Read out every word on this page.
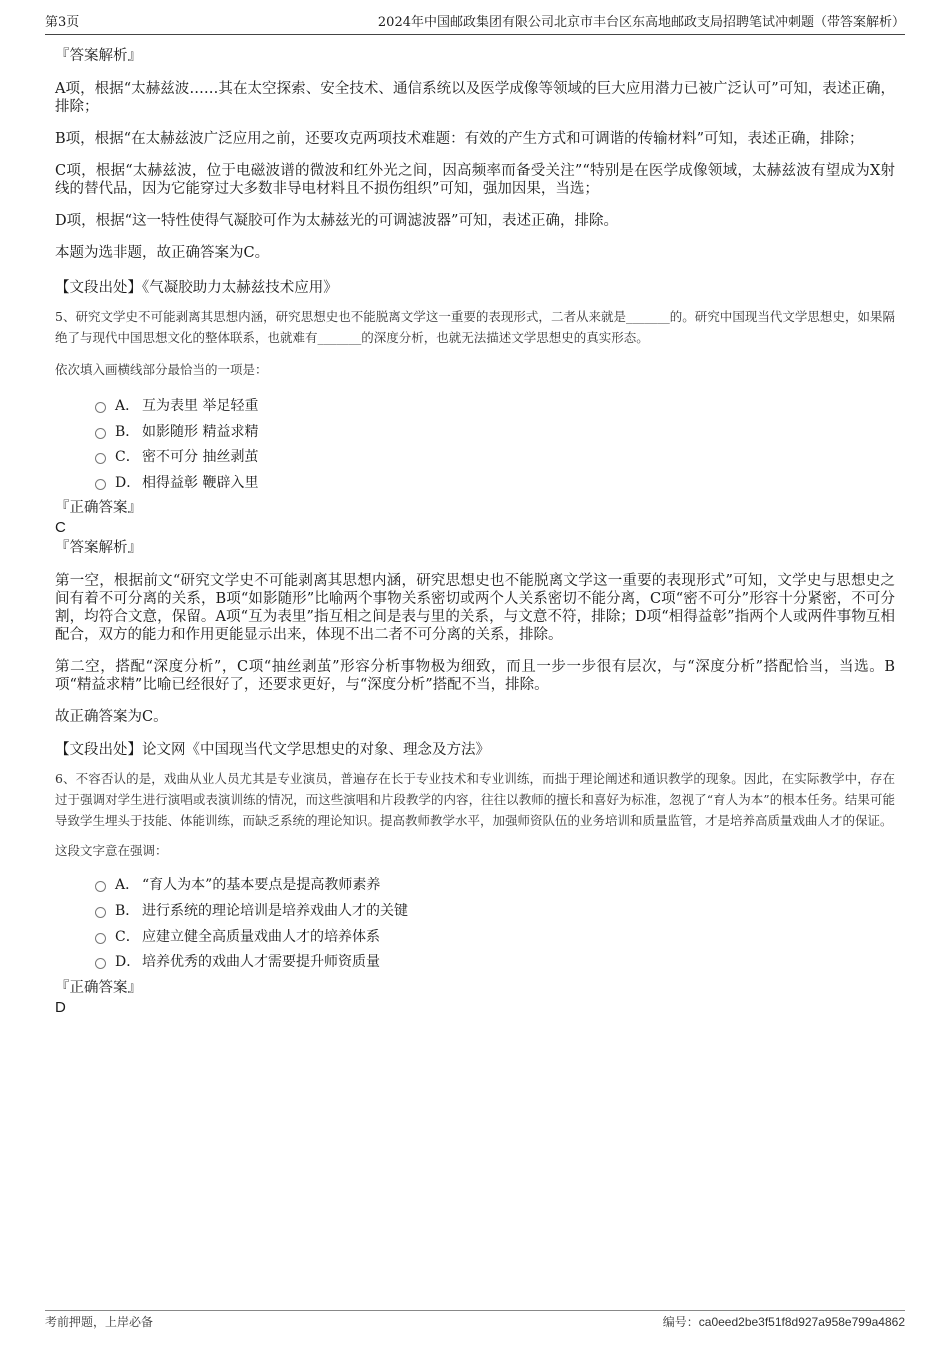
第3页	2024年中国邮政集团有限公司北京市丰台区东高地邮政支局招聘笔试冲刺题（带答案解析）
『答案解析』
A项，根据“太赫兹波……其在太空探索、安全技术、通信系统以及医学成像等领域的巨大应用潜力已被广泛认可”可知，表述正确，排除；
B项，根据“在太赫兹波广泛应用之前，还要攻克两项技术难题：有效的产生方式和可调谐的传输材料”可知，表述正确，排除；
C项，根据“太赫兹波，位于电磁波谱的微波和红外光之间，因高频率而备受关注”“特别是在医学成像领域，太赫兹波有望成为X射线的替代品，因为它能穿过大多数非导电材料且不损伤组织”可知，强加因果，当选；
D项，根据“这一特性使得气凝胶可作为太赫兹光的可调滤波器”可知，表述正确，排除。
本题为选非题，故正确答案为C。
【文段出处】《气凝胶助力太赫兹技术应用》
5、研究文学史不可能剥离其思想内涵，研究思想史也不能脱离文学这一重要的表现形式，二者从来就是_______的。研究中国现当代文学思想史，如果隔绝了与现代中国思想文化的整体联系，也就难有_______的深度分析，也就无法描述文学思想史的真实形态。
依次填入画横线部分最恰当的一项是：
A． 互为表里 举足轻重
B． 如影随形 精益求精
C． 密不可分 抽丝剥茧
D． 相得益彰 鞭辟入里
『正确答案』
C
『答案解析』
第一空，根据前文“研究文学史不可能剥离其思想内涵，研究思想史也不能脱离文学这一重要的表现形式”可知，文学史与思想史之间有着不可分离的关系，B项“如影随形”比喻两个事物关系密切或两个人关系密切不能分离，C项“密不可分”形容十分紧密，不可分割，均符合文意，保留。A项“互为表里”指互相之间是表与里的关系，与文意不符，排除；D项“相得益彰”指两个人或两件事物互相配合，双方的能力和作用更能显示出来，体现不出二者不可分离的关系，排除。
第二空，搭配“深度分析”，C项“抽丝剥茧”形容分析事物极为细致，而且一步一步很有层次，与“深度分析”搭配恰当，当选。B项“精益求精”比喻已经很好了，还要求更好，与“深度分析”搭配不当，排除。
故正确答案为C。
【文段出处】论文网《中国现当代文学思想史的对象、理念及方法》
6、不容否认的是，戏曲从业人员尤其是专业演员，普遍存在长于专业技术和专业训练，而拙于理论阐述和通识教学的现象。因此，在实际教学中，存在过于强调对学生进行演唱或表演训练的情况，而这些演唱和片段教学的内容，往往以教师的擅长和喜好为标准，忽视了“育人为本”的根本任务。结果可能导致学生埋头于技能、体能训练，而缺乏系统的理论知识。提高教师教学水平，加强师资队伍的业务培训和质量监管，才是培养高质量戏曲人才的保证。
这段文字意在强调：
A． “育人为本”的基本要点是提高教师素养
B． 进行系统的理论培训是培养戏曲人才的关键
C． 应建立健全高质量戏曲人才的培养体系
D． 培养优秀的戏曲人才需要提升师资质量
『正确答案』
D
考前押题，上岸必备	编号：ca0eed2be3f51f8d927a958e799a4862
